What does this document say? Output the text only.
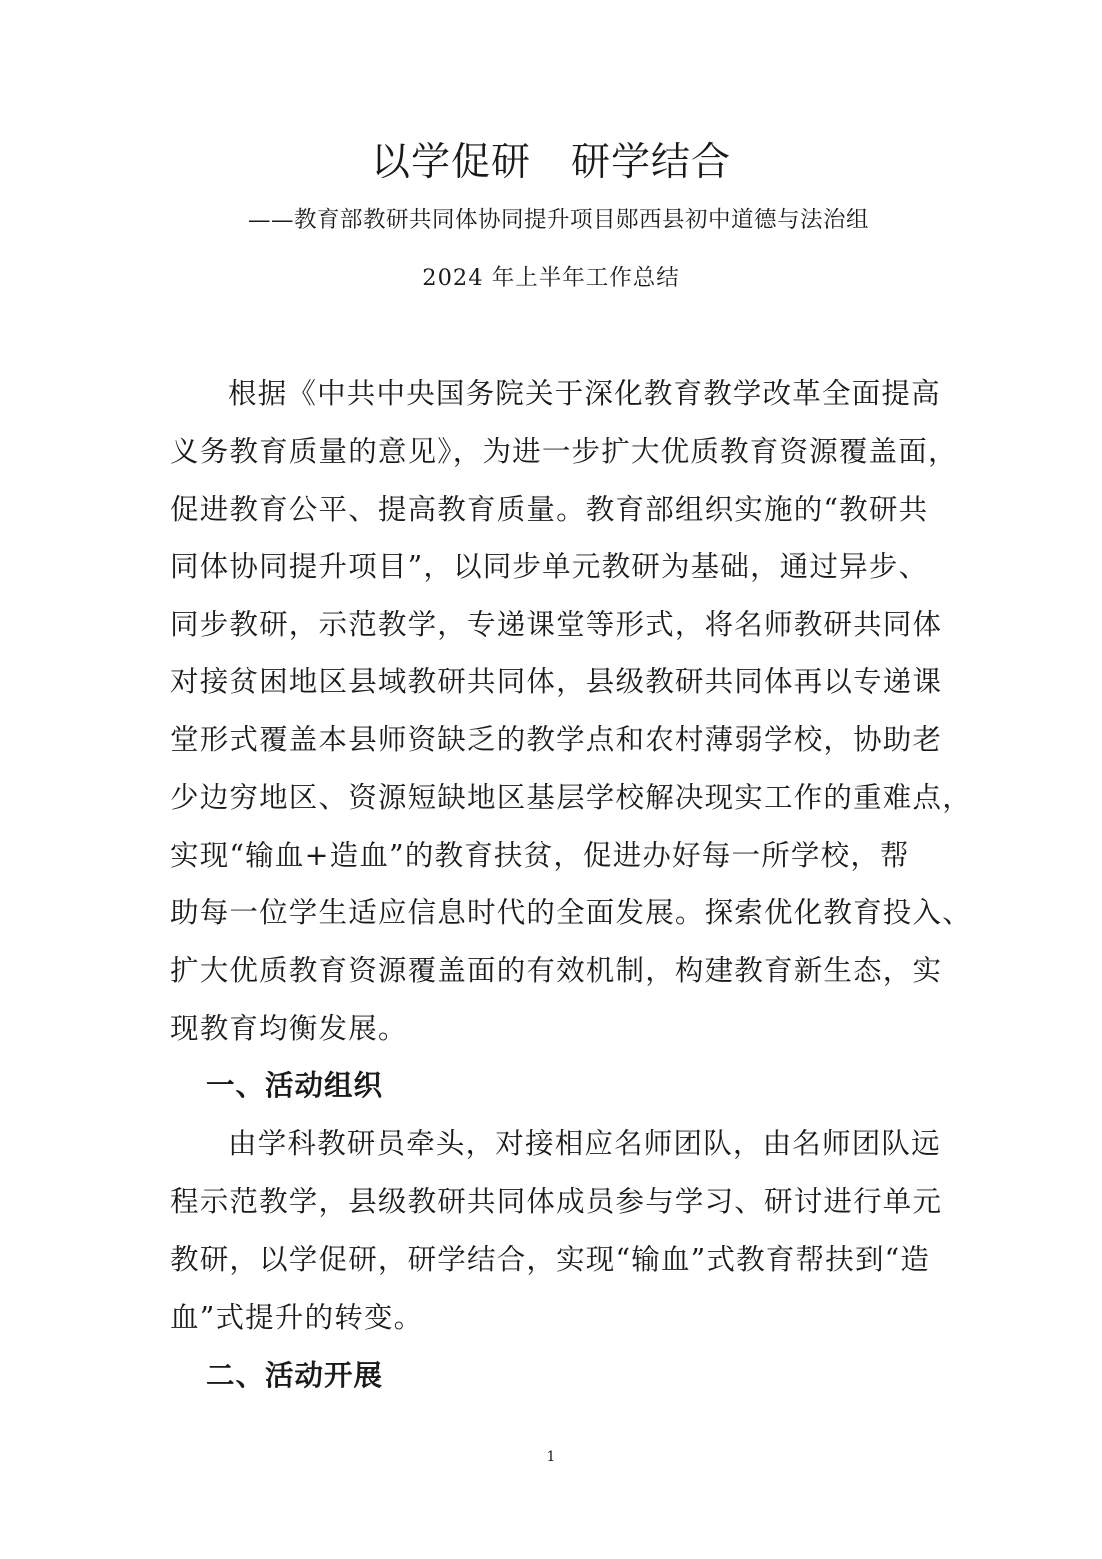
以学促研　研学结合
——教育部教研共同体协同提升项目郧西县初中道德与法治组
2024 年上半年工作总结
根据《中共中央国务院关于深化教育教学改革全面提高
义务教育质量的意见》，为进一步扩大优质教育资源覆盖面，
促进教育公平、提高教育质量。教育部组织实施的“教研共
同体协同提升项目”，以同步单元教研为基础，通过异步、
同步教研，示范教学，专递课堂等形式，将名师教研共同体
对接贫困地区县域教研共同体，县级教研共同体再以专递课
堂形式覆盖本县师资缺乏的教学点和农村薄弱学校，协助老
少边穷地区、资源短缺地区基层学校解决现实工作的重难点，
实现“输血+造血”的教育扶贫，促进办好每一所学校，帮
助每一位学生适应信息时代的全面发展。探索优化教育投入、
扩大优质教育资源覆盖面的有效机制，构建教育新生态，实
现教育均衡发展。
一、活动组织
由学科教研员牵头，对接相应名师团队，由名师团队远
程示范教学，县级教研共同体成员参与学习、研讨进行单元
教研，以学促研，研学结合，实现“输血”式教育帮扶到“造
血”式提升的转变。
二、活动开展
1
